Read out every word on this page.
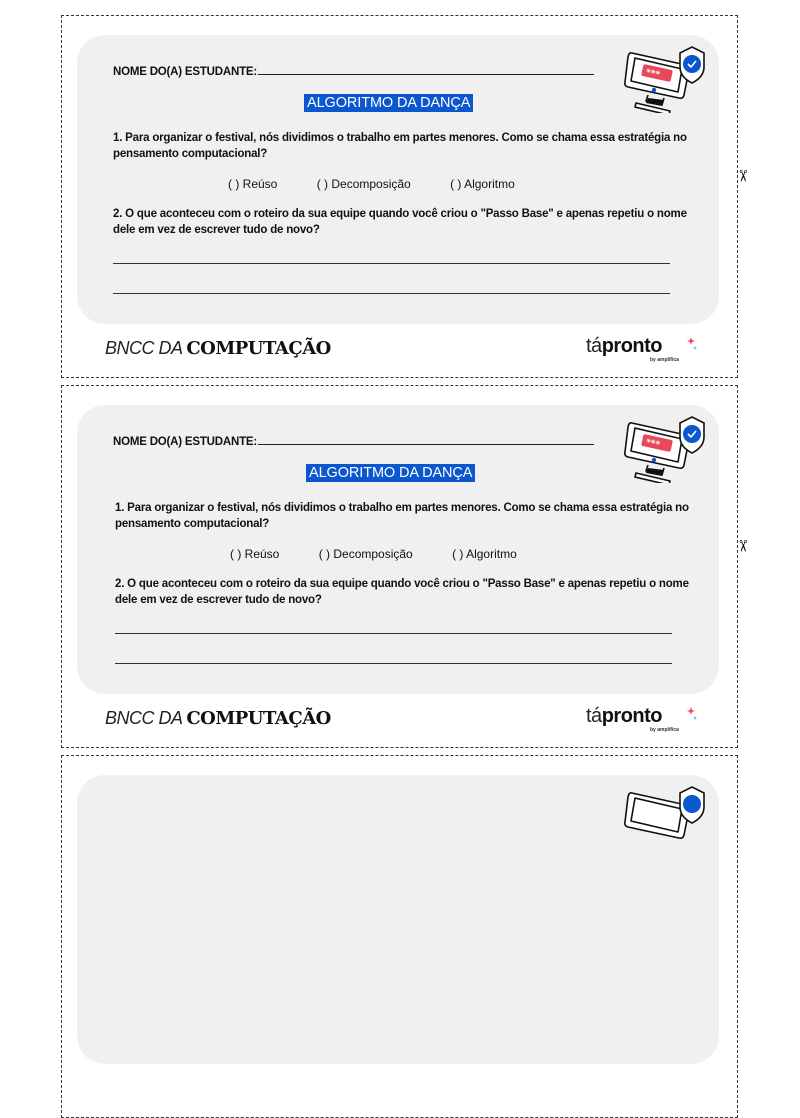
NOME DO(A) ESTUDANTE:	***
ALGORITMO DA DANÇA
1. Para organizar o festival, nós dividimos o trabalho em partes menores. Como se chama essa estratégia no pensamento computacional?
( ) Reúso	( ) Decomposição	( ) Algoritmo
2. O que aconteceu com o roteiro da sua equipe quando você criou o "Passo Base" e apenas repetiu o nome dele em vez de escrever tudo de novo?
BNCC DA COMPUTAÇÃO	tápronto
by amplifica
✂
NOME DO(A) ESTUDANTE:	***
ALGORITMO DA DANÇA
1. Para organizar o festival, nós dividimos o trabalho em partes menores. Como se chama essa estratégia no pensamento computacional?
( ) Reúso	( ) Decomposição	( ) Algoritmo
2. O que aconteceu com o roteiro da sua equipe quando você criou o "Passo Base" e apenas repetiu o nome dele em vez de escrever tudo de novo?
BNCC DA COMPUTAÇÃO	tápronto
by amplifica
✂
